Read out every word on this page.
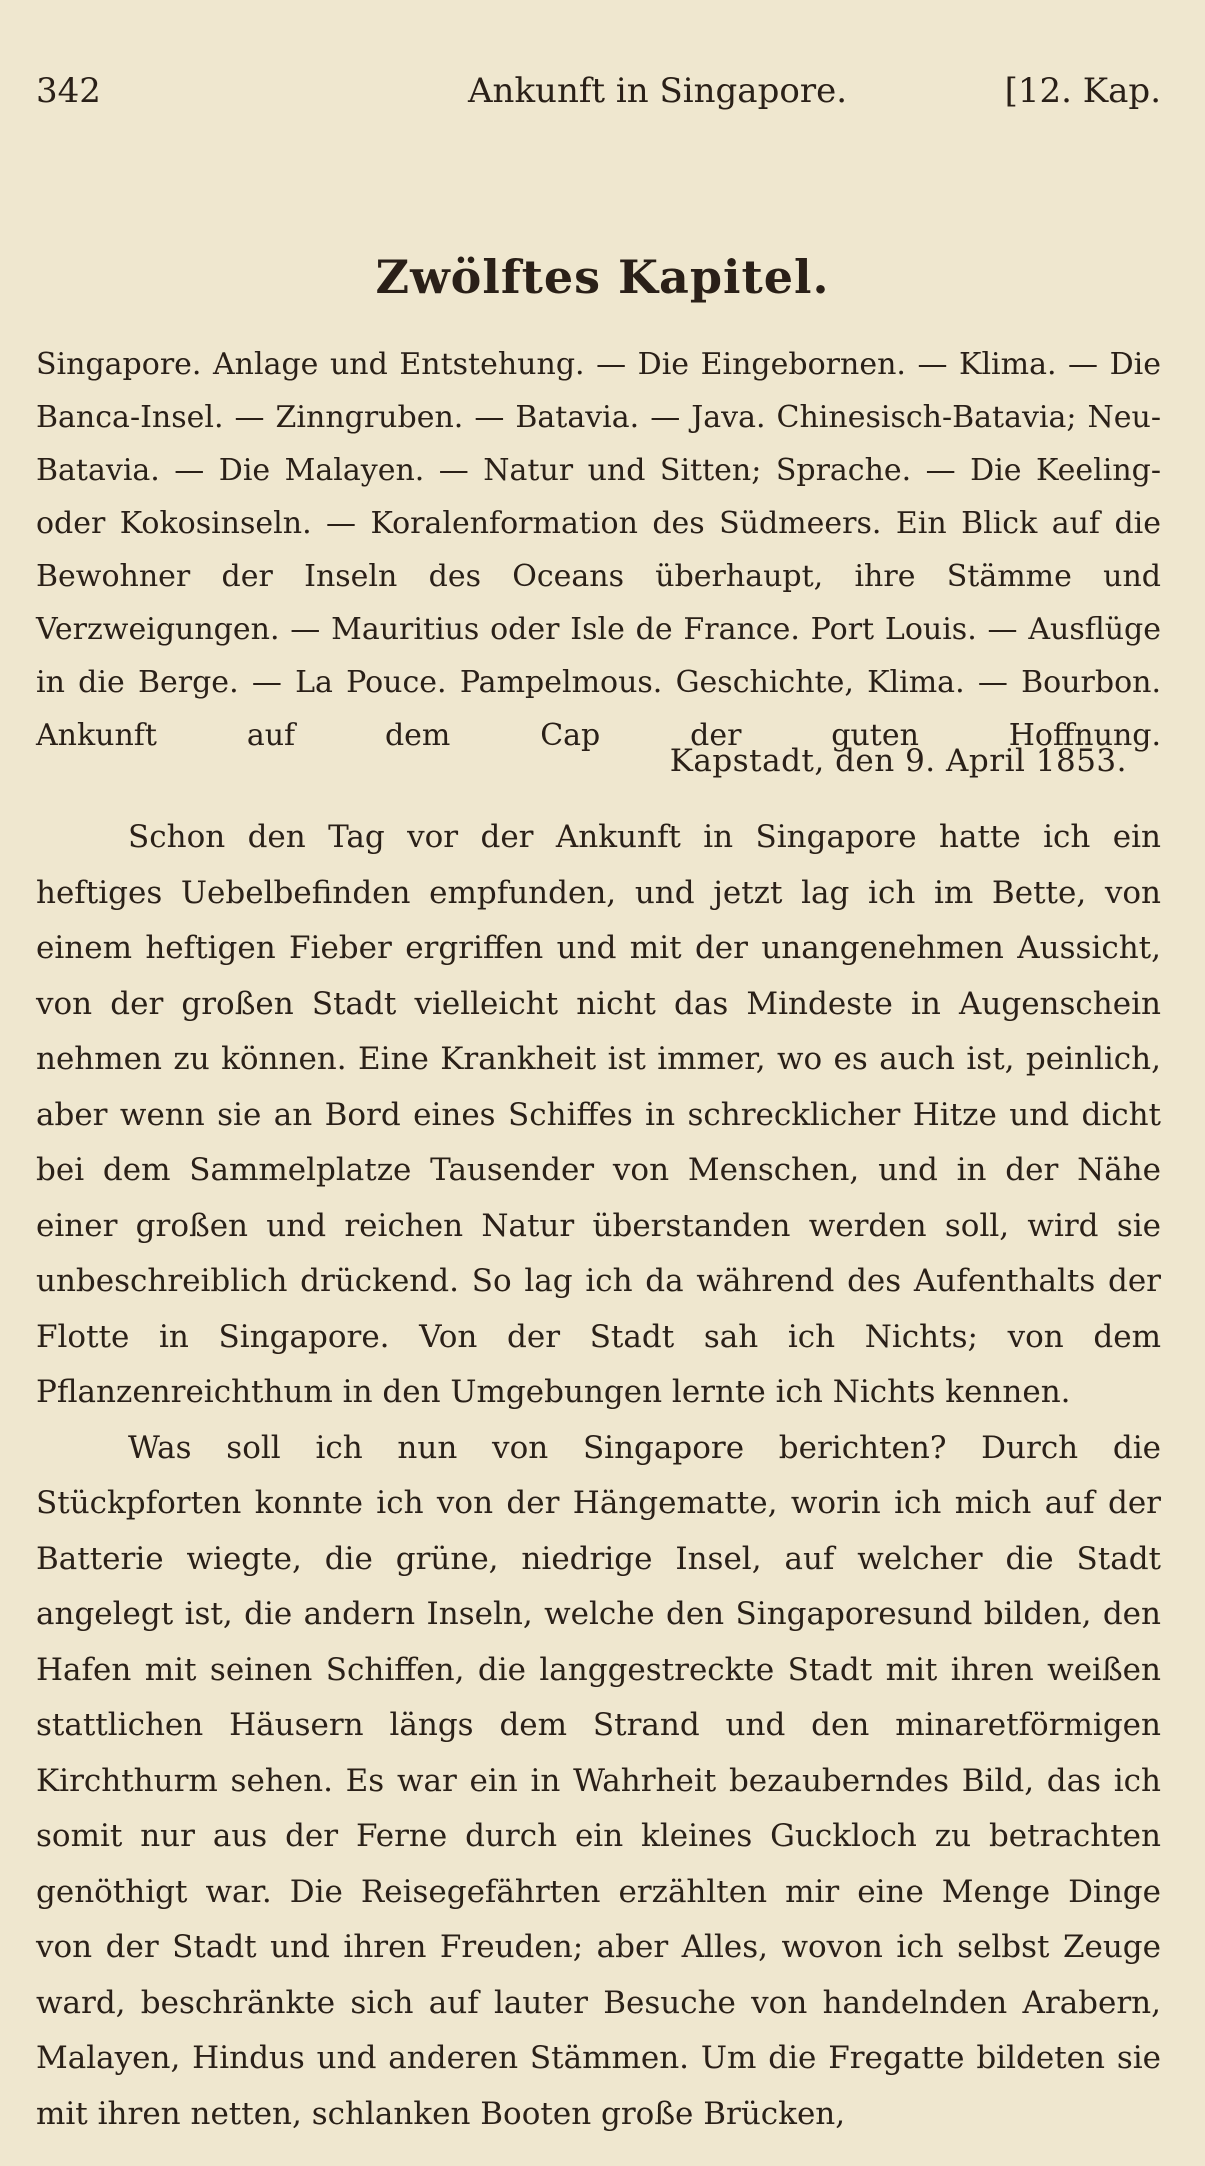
342	Ankunft in Singapore.	[12. Kap.
Zwölftes Kapitel.
Singapore. Anlage und Entstehung. — Die Eingebornen. — Klima. — Die Banca-Insel. — Zinngruben. — Batavia. — Java. Chinesisch-Batavia; Neu-Batavia. — Die Malayen. — Natur und Sitten; Sprache. — Die Keeling- oder Kokosinseln. — Koralenformation des Südmeers. Ein Blick auf die Bewohner der Inseln des Oceans überhaupt, ihre Stämme und Verzweigungen. — Mauritius oder Isle de France. Port Louis. — Ausflüge in die Berge. — La Pouce. Pampelmous. Geschichte, Klima. — Bourbon. Ankunft auf dem Cap der guten Hoffnung.
Kapstadt, den 9. April 1853.

Schon den Tag vor der Ankunft in Singapore hatte ich ein heftiges Uebelbefinden empfunden, und jetzt lag ich im Bette, von einem heftigen Fieber ergriffen und mit der unangenehmen Aussicht, von der großen Stadt vielleicht nicht das Mindeste in Augenschein nehmen zu können. Eine Krankheit ist immer, wo es auch ist, peinlich, aber wenn sie an Bord eines Schiffes in schrecklicher Hitze und dicht bei dem Sammelplatze Tausender von Menschen, und in der Nähe einer großen und reichen Natur überstanden werden soll, wird sie unbeschreiblich drückend. So lag ich da während des Aufenthalts der Flotte in Singapore. Von der Stadt sah ich Nichts; von dem Pflanzenreichthum in den Umgebungen lernte ich Nichts kennen.

Was soll ich nun von Singapore berichten? Durch die Stückpforten konnte ich von der Hängematte, worin ich mich auf der Batterie wiegte, die grüne, niedrige Insel, auf welcher die Stadt angelegt ist, die andern Inseln, welche den Singaporesund bilden, den Hafen mit seinen Schiffen, die langgestreckte Stadt mit ihren weißen stattlichen Häusern längs dem Strand und den minaretförmigen Kirchthurm sehen. Es war ein in Wahrheit bezauberndes Bild, das ich somit nur aus der Ferne durch ein kleines Guckloch zu betrachten genöthigt war. Die Reisegefährten erzählten mir eine Menge Dinge von der Stadt und ihren Freuden; aber Alles, wovon ich selbst Zeuge ward, beschränkte sich auf lauter Besuche von handelnden Arabern, Malayen, Hindus und anderen Stämmen. Um die Fregatte bildeten sie mit ihren netten, schlanken Booten große Brücken,
